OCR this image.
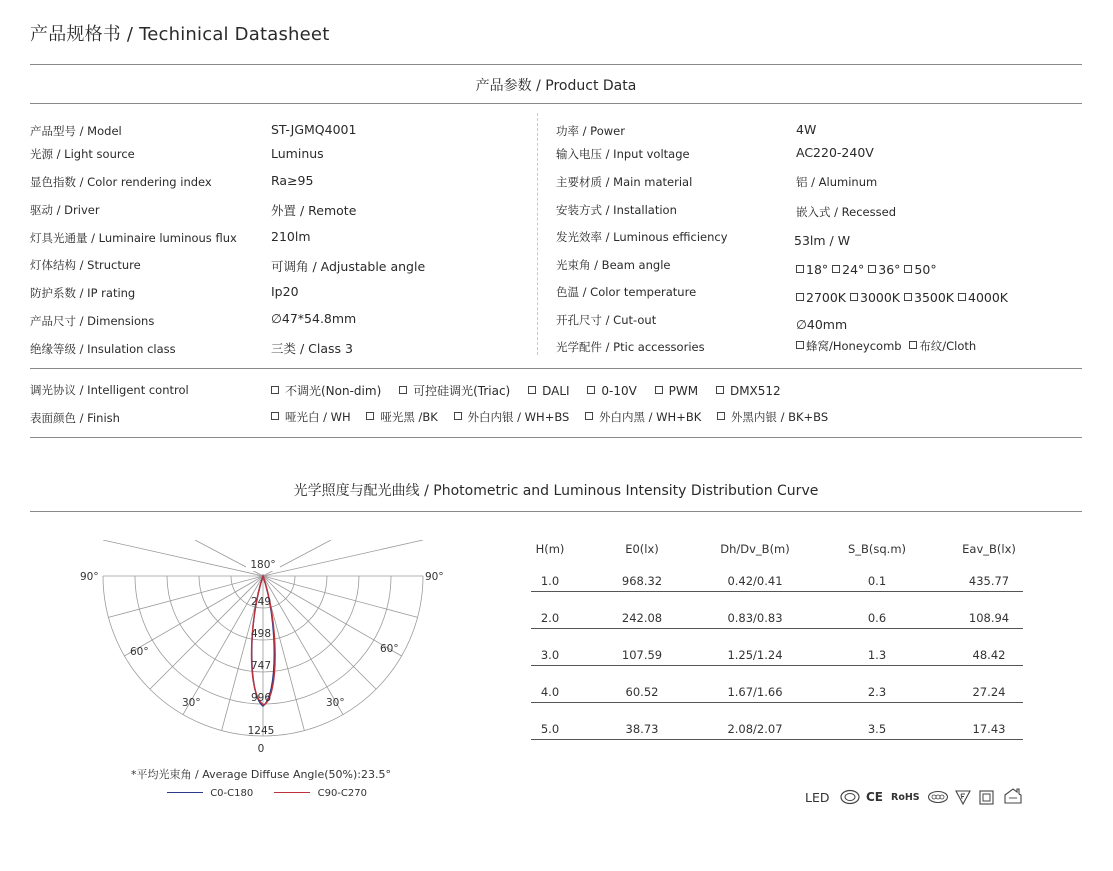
产品规格书 / Techinical Datasheet
产品参数 / Product Data
产品型号 / Model	ST-JGMQ4001
光源 / Light source	Luminus
显色指数 / Color rendering index	Ra≥95
驱动 / Driver	外置 / Remote
灯具光通量 / Luminaire luminous flux	210lm
灯体结构 / Structure	可调角 / Adjustable angle
防护系数 / IP rating	Ip20
产品尺寸 / Dimensions	∅47*54.8mm
绝缘等级 / Insulation class	三类 / Class 3
功率 / Power	4W
输入电压 / Input voltage	AC220-240V
主要材质 / Main material	铝 / Aluminum
安装方式 / Installation	嵌入式 / Recessed
发光效率 / Luminous efficiency	53lm / W
光束角 / Beam angle	18° 24° 36° 50°
色温 / Color temperature	2700K 3000K 3500K 4000K
开孔尺寸 / Cut-out	∅40mm
光学配件 / Ptic accessories	蜂窝/Honeycomb 布纹/Cloth
调光协议 / Intelligent control	不调光(Non-dim)	可控硅调光(Triac)	DALI	0-10V	PWM	DMX512
表面颜色 / Finish	哑光白 / WH	哑光黑 /BK	外白内银 / WH+BS	外白内黑 / WH+BK	外黑内银 / BK+BS
光学照度与配光曲线 / Photometric and Luminous Intensity Distribution Curve
180°
90°	90°
60°	60°
30°	30°
249
498
747
996
1245
0
*平均光束角 / Average Diffuse Angle(50%):23.5°
C0-C180	C90-C270
H(m)	E0(lx)	Dh/Dv_B(m)	S_B(sq.m)	Eav_B(lx)
1.0	968.32	0.42/0.41	0.1	435.77
2.0	242.08	0.83/0.83	0.6	108.94
3.0	107.59	1.25/1.24	1.3	48.42
4.0	60.52	1.67/1.66	2.3	27.24
5.0	38.73	2.08/2.07	3.5	17.43
LED	CE RoHS
